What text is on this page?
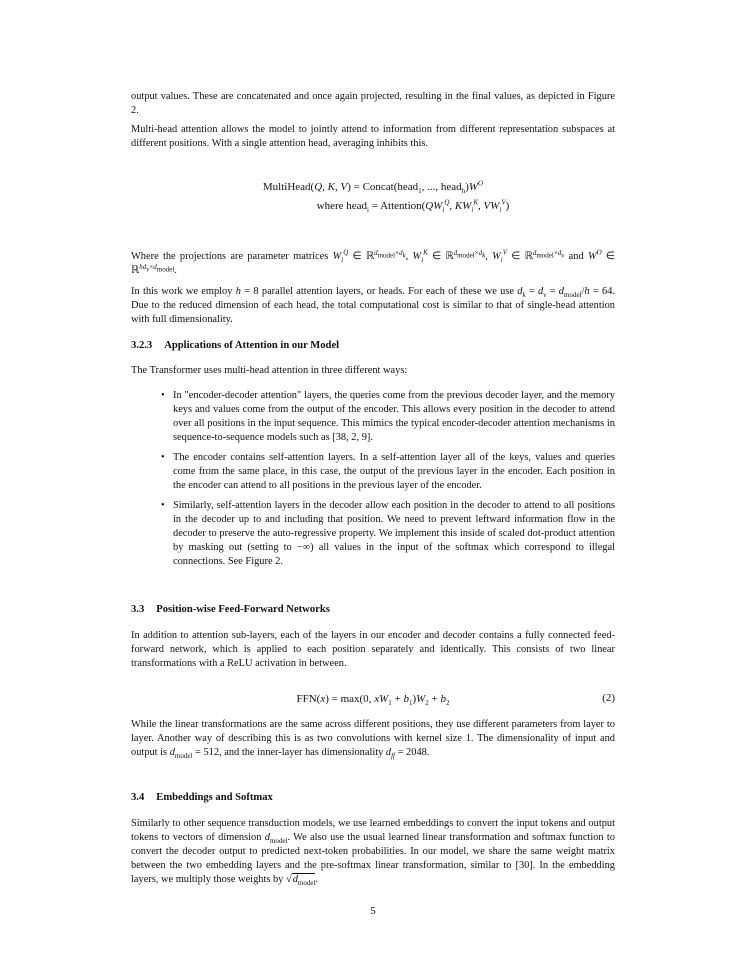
output values. These are concatenated and once again projected, resulting in the final values, as depicted in Figure 2.

Multi-head attention allows the model to jointly attend to information from different representation subspaces at different positions. With a single attention head, averaging inhibits this.

MultiHead(Q, K, V) = Concat(head$_1$, ..., $head_h)W^O$
where head$_i$ = $Attention(QW_i^Q$, $KW_i^K$, $VW_i^V$)

Where the projections are parameter matrices $W_i^Q$ ∈ ℝ$^{d_{model}\times d_k}$, $W_i^K$ ∈ ℝ$^{d_{model}\times d_k}$, $W_i^V$ ∈ ℝ$^{d_{model}\times d_v}$ and $W^O$ ∈ ℝ$^{hd_v\times d_{model}}$.

In this work we employ h = 8 parallel attention layers, or heads. For each of these we use $d_k = d_v = d_{model}/h = 64$. Due to the reduced dimension of each head, the total computational cost is similar to that of single-head attention with full dimensionality.

3.2.3 Applications of Attention in our Model

The Transformer uses multi-head attention in three different ways:

• In "encoder-decoder attention" layers, the queries come from the previous decoder layer, and the memory keys and values come from the output of the encoder. This allows every position in the decoder to attend over all positions in the input sequence. This mimics the typical encoder-decoder attention mechanisms in sequence-to-sequence models such as [38, 2, 9].
• The encoder contains self-attention layers. In a self-attention layer all of the keys, values and queries come from the same place, in this case, the output of the previous layer in the encoder. Each position in the encoder can attend to all positions in the previous layer of the encoder.
• Similarly, self-attention layers in the decoder allow each position in the decoder to attend to all positions in the decoder up to and including that position. We need to prevent leftward information flow in the decoder to preserve the auto-regressive property. We implement this inside of scaled dot-product attention by masking out (setting to −∞) all values in the input of the softmax which correspond to illegal connections. See Figure 2.
3.3 Position-wise Feed-Forward Networks

In addition to attention sub-layers, each of the layers in our encoder and decoder contains a fully connected feed-forward network, which is applied to each position separately and identically. This consists of two linear transformations with a ReLU activation in between.

FFN(x) = max(0, $xW_1 + b_1)W_2 + b_2$	(2)

While the linear transformations are the same across different positions, they use different parameters from layer to layer. Another way of describing this is as two convolutions with kernel size 1. The dimensionality of input and output is $d_{model} = 512$, and the inner-layer has dimensionality $d_{ff} = 2048$.

3.4 Embeddings and Softmax

Similarly to other sequence transduction models, we use learned embeddings to convert the input tokens and output tokens to vectors of dimension $d_{model}$. We also use the usual learned linear transformation and softmax function to convert the decoder output to predicted next-token probabilities. In our model, we share the same weight matrix between the two embedding layers and the pre-softmax linear transformation, similar to [30]. In the embedding layers, we multiply those weights by $√d_{model}$.

5
